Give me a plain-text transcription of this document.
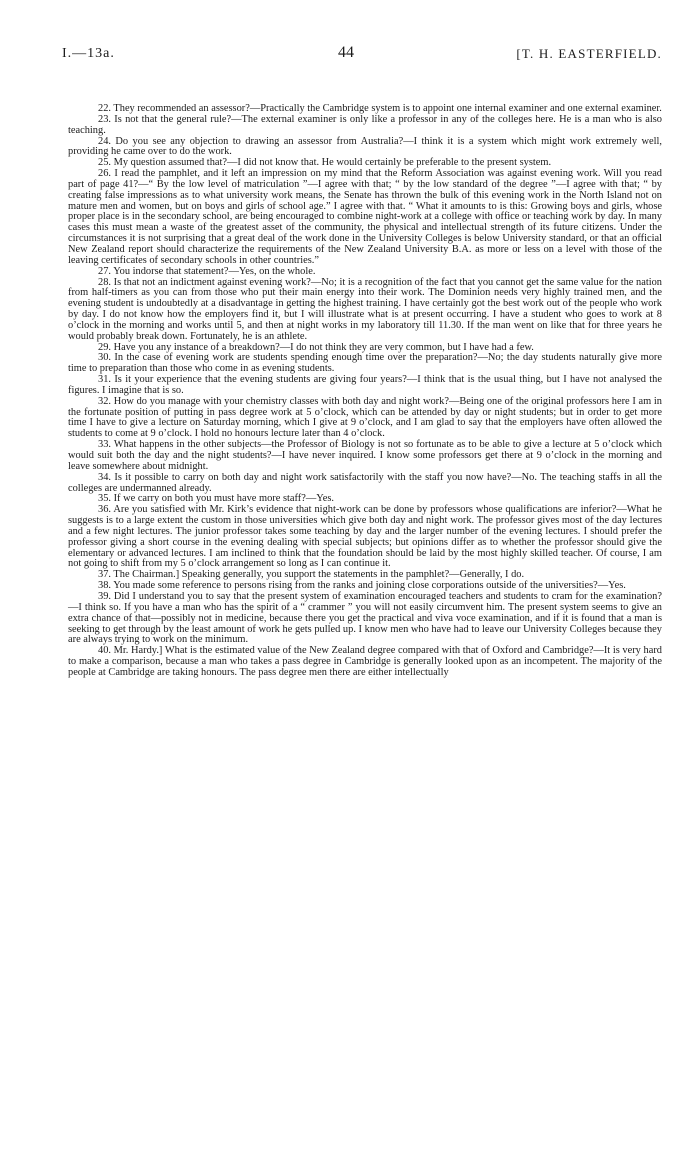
I.—13a.	44	[T. H. EASTERFIELD.

22. They recommended an assessor?—Practically the Cambridge system is to appoint one internal examiner and one external examiner.

23. Is not that the general rule?—The external examiner is only like a professor in any of the colleges here. He is a man who is also teaching.

24. Do you see any objection to drawing an assessor from Australia?—I think it is a system which might work extremely well, providing he came over to do the work.

25. My question assumed that?—I did not know that. He would certainly be preferable to the present system.

26. I read the pamphlet, and it left an impression on my mind that the Reform Association was against evening work. Will you read part of page 41?—“ By the low level of matriculation ”—I agree with that; “ by the low standard of the degree ”—I agree with that; “ by creating false impressions as to what university work means, the Senate has thrown the bulk of this evening work in the North Island not on mature men and women, but on boys and girls of school age.” I agree with that. “ What it amounts to is this: Growing boys and girls, whose proper place is in the secondary school, are being encouraged to combine night-work at a college with office or teaching work by day. In many cases this must mean a waste of the greatest asset of the community, the physical and intellectual strength of its future citizens. Under the circumstances it is not surprising that a great deal of the work done in the University Colleges is below University standard, or that an official New Zealand report should characterize the requirements of the New Zealand University B.A. as more or less on a level with those of the leaving certificates of secondary schools in other countries.”

27. You indorse that statement?—Yes, on the whole.

28. Is that not an indictment against evening work?—No; it is a recognition of the fact that you cannot get the same value for the nation from half-timers as you can from those who put their main energy into their work. The Dominion needs very highly trained men, and the evening student is undoubtedly at a disadvantage in getting the highest training. I have certainly got the best work out of the people who work by day. I do not know how the employers find it, but I will illustrate what is at present occurring. I have a student who goes to work at 8 o’clock in the morning and works until 5, and then at night works in my laboratory till 11.30. If the man went on like that for three years he would probably break down. Fortunately, he is an athlete.

29. Have you any instance of a breakdown?—I do not think they are very common, but I have had a few.

30. In the case of evening work are students spending enough time over the preparation?—No; the day students naturally give more time to preparation than those who come in as evening students.

31. Is it your experience that the evening students are giving four years?—I think that is the usual thing, but I have not analysed the figures. I imagine that is so.

32. How do you manage with your chemistry classes with both day and night work?—Being one of the original professors here I am in the fortunate position of putting in pass degree work at 5 o’clock, which can be attended by day or night students; but in order to get more time I have to give a lecture on Saturday morning, which I give at 9 o’clock, and I am glad to say that the employers have often allowed the students to come at 9 o’clock. I hold no honours lecture later than 4 o’clock.

33. What happens in the other subjects—the Professor of Biology is not so fortunate as to be able to give a lecture at 5 o’clock which would suit both the day and the night students?—I have never inquired. I know some professors get there at 9 o’clock in the morning and leave somewhere about midnight.

34. Is it possible to carry on both day and night work satisfactorily with the staff you now have?—No. The teaching staffs in all the colleges are undermanned already.

35. If we carry on both you must have more staff?—Yes.

36. Are you satisfied with Mr. Kirk’s evidence that night-work can be done by professors whose qualifications are inferior?—What he suggests is to a large extent the custom in those universities which give both day and night work. The professor gives most of the day lectures and a few night lectures. The junior professor takes some teaching by day and the larger number of the evening lectures. I should prefer the professor giving a short course in the evening dealing with special subjects; but opinions differ as to whether the professor should give the elementary or advanced lectures. I am inclined to think that the foundation should be laid by the most highly skilled teacher. Of course, I am not going to shift from my 5 o’clock arrangement so long as I can continue it.

37. The Chairman.] Speaking generally, you support the statements in the pamphlet?—Generally, I do.

38. You made some reference to persons rising from the ranks and joining close corporations outside of the universities?—Yes.

39. Did I understand you to say that the present system of examination encouraged teachers and students to cram for the examination?—I think so. If you have a man who has the spirit of a “ crammer ” you will not easily circumvent him. The present system seems to give an extra chance of that—possibly not in medicine, because there you get the practical and viva voce examination, and if it is found that a man is seeking to get through by the least amount of work he gets pulled up. I know men who have had to leave our University Colleges because they are always trying to work on the minimum.

40. Mr. Hardy.] What is the estimated value of the New Zealand degree compared with that of Oxford and Cambridge?—It is very hard to make a comparison, because a man who takes a pass degree in Cambridge is generally looked upon as an incompetent. The majority of the people at Cambridge are taking honours. The pass degree men there are either intellectually
